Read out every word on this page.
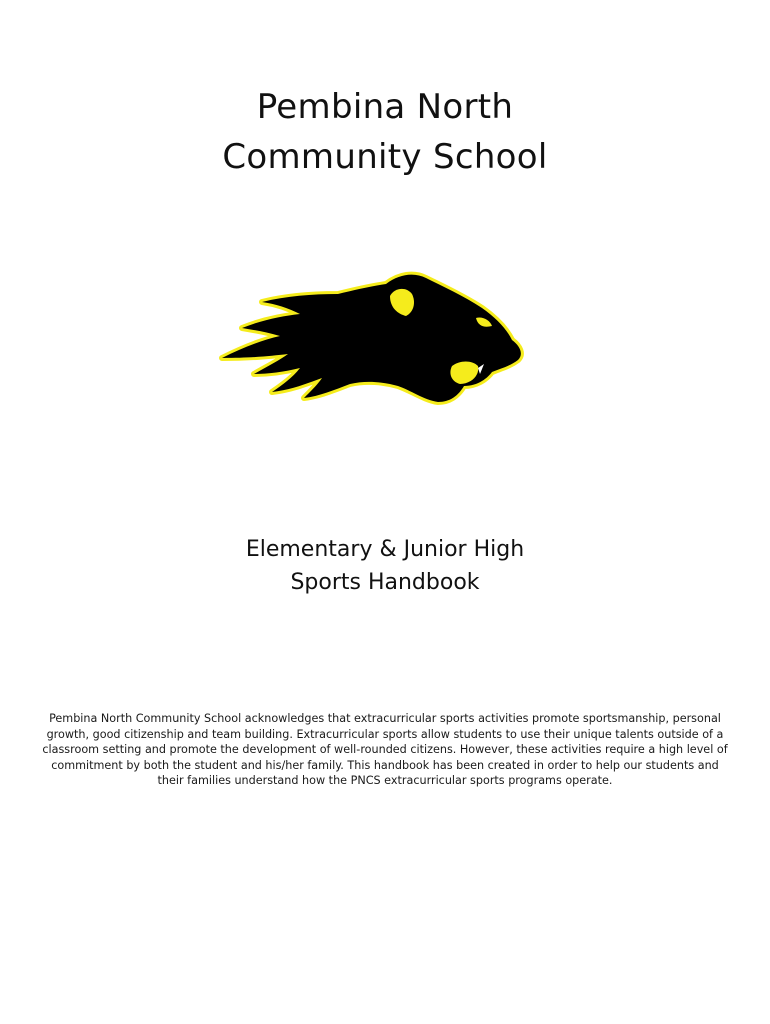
Pembina North
Community School
Elementary & Junior High
Sports Handbook

Pembina North Community School acknowledges that extracurricular sports activities promote sportsmanship, personal growth, good citizenship and team building. Extracurricular sports allow students to use their unique talents outside of a classroom setting and promote the development of well-rounded citizens. However, these activities require a high level of commitment by both the student and his/her family. This handbook has been created in order to help our students and their families understand how the PNCS extracurricular sports programs operate.
